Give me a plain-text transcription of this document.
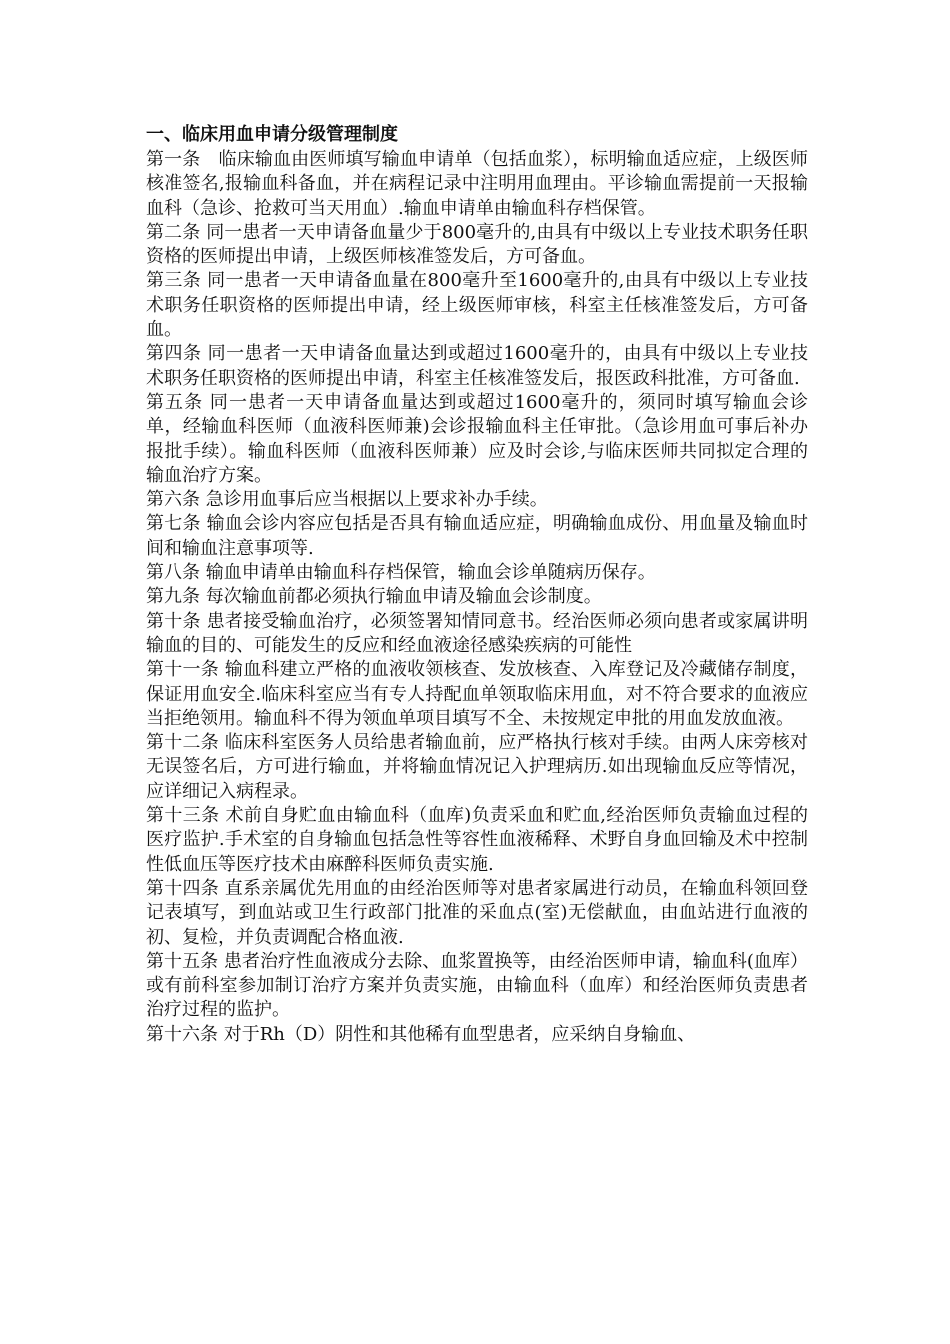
一、临床用血申请分级管理制度

第一条　临床输血由医师填写输血申请单（包括血浆），标明输血适应症，上级医师核准签名,报输血科备血，并在病程记录中注明用血理由。平诊输血需提前一天报输血科（急诊、抢救可当天用血）.输血申请单由输血科存档保管。

第二条 同一患者一天申请备血量少于800毫升的,由具有中级以上专业技术职务任职资格的医师提出申请，上级医师核准签发后，方可备血。

第三条 同一患者一天申请备血量在800毫升至1600毫升的,由具有中级以上专业技术职务任职资格的医师提出申请，经上级医师审核，科室主任核准签发后，方可备血。

第四条 同一患者一天申请备血量达到或超过1600毫升的，由具有中级以上专业技术职务任职资格的医师提出申请，科室主任核准签发后，报医政科批准，方可备血.

第五条 同一患者一天申请备血量达到或超过1600毫升的，须同时填写输血会诊单，经输血科医师（血液科医师兼)会诊报输血科主任审批。（急诊用血可事后补办报批手续）。输血科医师（血液科医师兼）应及时会诊,与临床医师共同拟定合理的输血治疗方案。

第六条 急诊用血事后应当根据以上要求补办手续。

第七条 输血会诊内容应包括是否具有输血适应症，明确输血成份、用血量及输血时间和输血注意事项等.

第八条 输血申请单由输血科存档保管，输血会诊单随病历保存。

第九条 每次输血前都必须执行输血申请及输血会诊制度。

第十条 患者接受输血治疗，必须签署知情同意书。经治医师必须向患者或家属讲明输血的目的、可能发生的反应和经血液途径感染疾病的可能性

第十一条 输血科建立严格的血液收领核查、发放核查、入库登记及冷藏储存制度，保证用血安全.临床科室应当有专人持配血单领取临床用血，对不符合要求的血液应当拒绝领用。输血科不得为领血单项目填写不全、未按规定申批的用血发放血液。

第十二条 临床科室医务人员给患者输血前，应严格执行核对手续。由两人床旁核对无误签名后，方可进行输血，并将输血情况记入护理病历.如出现输血反应等情况，应详细记入病程录。

第十三条 术前自身贮血由输血科（血库)负责采血和贮血,经治医师负责输血过程的医疗监护.手术室的自身输血包括急性等容性血液稀释、术野自身血回输及术中控制性低血压等医疗技术由麻醉科医师负责实施.

第十四条 直系亲属优先用血的由经治医师等对患者家属进行动员，在输血科领回登记表填写，到血站或卫生行政部门批准的采血点(室)无偿献血，由血站进行血液的初、复检，并负责调配合格血液.

第十五条 患者治疗性血液成分去除、血浆置换等，由经治医师申请，输血科(血库）或有前科室参加制订治疗方案并负责实施，由输血科（血库）和经治医师负责患者治疗过程的监护。

第十六条 对于Rh（D）阴性和其他稀有血型患者，应采纳自身输血、
